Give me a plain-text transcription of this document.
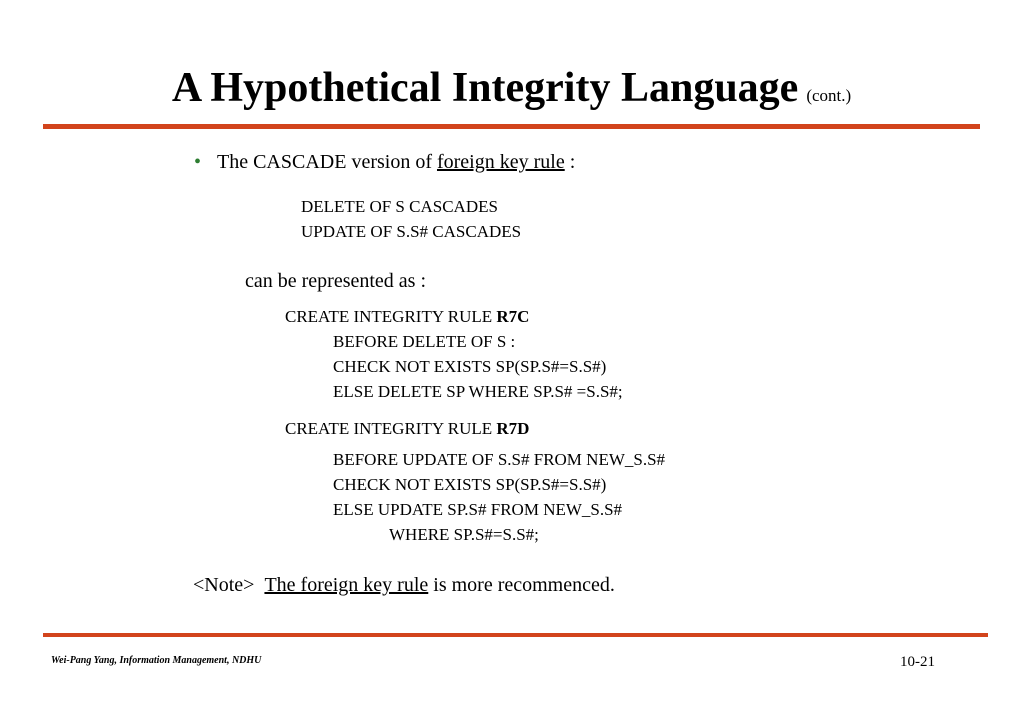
A Hypothetical Integrity Language (cont.)
• The CASCADE version of foreign key rule :
DELETE OF S CASCADES
UPDATE OF S.S# CASCADES
can be represented as :
CREATE INTEGRITY RULE R7C
BEFORE DELETE OF S :
CHECK NOT EXISTS SP(SP.S#=S.S#)
ELSE DELETE SP WHERE SP.S# =S.S#;
CREATE INTEGRITY RULE R7D
BEFORE UPDATE OF S.S# FROM NEW_S.S#
CHECK NOT EXISTS SP(SP.S#=S.S#)
ELSE UPDATE SP.S# FROM NEW_S.S#
WHERE SP.S#=S.S#;
<Note> The foreign key rule is more recommenced.
Wei-Pang Yang, Information Management, NDHU	10-21
